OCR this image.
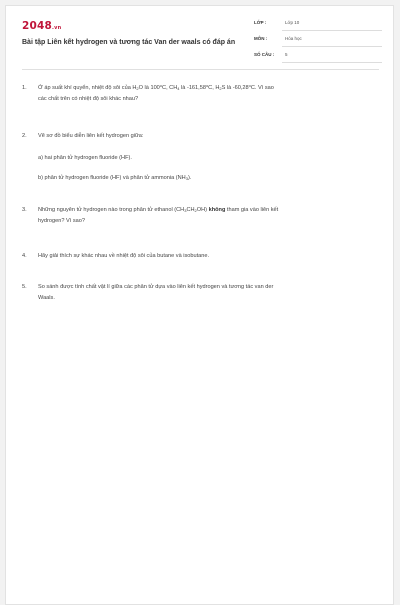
2048.vn
Bài tập Liên kết hydrogen và tương tác Van der waals có đáp án
LỚP :	Lớp 10
MÔN :	Hóa học
SỐ CÂU : 5
1. Ở áp suất khí quyển, nhiệt độ sôi của $H_2O$ là 100$^o$C, $CH_4$ là -161,58$^o$C, $H_2S$ là -60,28$^o$C. Vì sao
các chất trên có nhiệt độ sôi khác nhau?
2. Vẽ sơ đồ biểu diễn liên kết hydrogen giữa:
a) hai phân tử hydrogen fluoride (HF).
b) phân tử hydrogen fluoride (HF) và phân tử ammonia $(NH_3)$.
3. Những nguyên tử hydrogen nào trong phân tử ethanol $(CH_3CH_2OH)$ không tham gia vào liên kết
hydrogen? Vì sao?
4. Hãy giải thích sự khác nhau về nhiệt độ sôi của butane và isobutane.
5. So sánh được tính chất vật lí giữa các phân tử dựa vào liên kết hydrogen và tương tác van der
Waals.
